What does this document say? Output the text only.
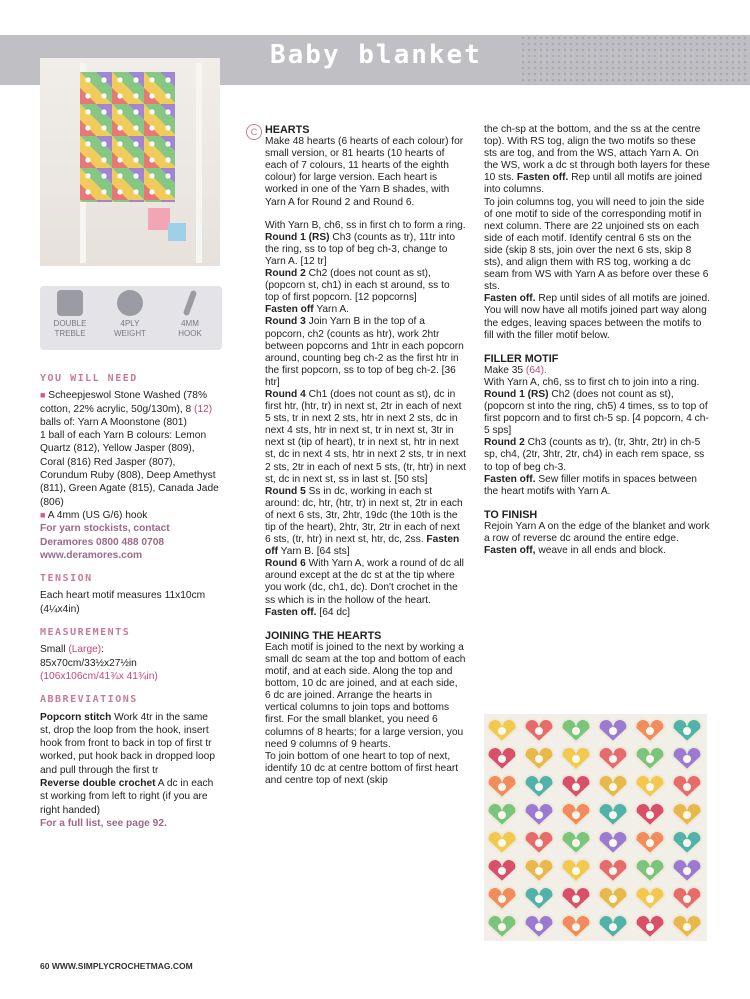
Baby blanket
DOUBLE
TREBLE
4PLY
WEIGHT
4MM
HOOK
YOU WILL NEED

■ Scheepjeswol Stone Washed (78% cotton, 22% acrylic, 50g/130m), 8 (12) balls of: Yarn A Moonstone (801)

1 ball of each Yarn B colours: Lemon Quartz (812), Yellow Jasper (809), Coral (816) Red Jasper (807), Corundum Ruby (808), Deep Amethyst (811), Green Agate (815), Canada Jade (806)

■ A 4mm (US G/6) hook

For yarn stockists, contact Deramores 0800 488 0708

www.deramores.com

TENSION

Each heart motif measures 11x10cm (4¼x4in)

MEASUREMENTS

Small (Large):

85x70cm/33½x27½in

(106x106cm/41¾x 41¾in)

ABBREVIATIONS

Popcorn stitch Work 4tr in the same st, drop the loop from the hook, insert hook from front to back in top of first tr worked, put hook back in dropped loop and pull through the first tr

Reverse double crochet A dc in each st working from left to right (if you are right handed)

For a full list, see page 92.

C HEARTS

Make 48 hearts (6 hearts of each colour) for small version, or 81 hearts (10 hearts of each of 7 colours, 11 hearts of the eighth colour) for large version. Each heart is worked in one of the Yarn B shades, with Yarn A for Round 2 and Round 6.

With Yarn B, ch6, ss in first ch to form a ring.

Round 1 (RS) Ch3 (counts as tr), 11tr into the ring, ss to top of beg ch-3, change to Yarn A. [12 tr]

Round 2 Ch2 (does not count as st), (popcorn st, ch1) in each st around, ss to top of first popcorn. [12 popcorns]

Fasten off Yarn A.

Round 3 Join Yarn B in the top of a popcorn, ch2 (counts as htr), work 2htr between popcorns and 1htr in each popcorn around, counting beg ch-2 as the first htr in the first popcorn, ss to top of beg ch-2. [36 htr]

Round 4 Ch1 (does not count as st), dc in first htr, (htr, tr) in next st, 2tr in each of next 5 sts, tr in next 2 sts, htr in next 2 sts, dc in next 4 sts, htr in next st, tr in next st, 3tr in next st (tip of heart), tr in next st, htr in next st, dc in next 4 sts, htr in next 2 sts, tr in next 2 sts, 2tr in each of next 5 sts, (tr, htr) in next st, dc in next st, ss in last st. [50 sts]

Round 5 Ss in dc, working in each st around: dc, htr, (htr, tr) in next st, 2tr in each of next 6 sts, 3tr, 2htr, 19dc (the 10th is the tip of the heart), 2htr, 3tr, 2tr in each of next 6 sts, (tr, htr) in next st, htr, dc, 2ss. Fasten off Yarn B. [64 sts]

Round 6 With Yarn A, work a round of dc all around except at the dc st at the tip where you work (dc, ch1, dc). Don't crochet in the ss which is in the hollow of the heart. Fasten off. [64 dc]

JOINING THE HEARTS

Each motif is joined to the next by working a small dc seam at the top and bottom of each motif, and at each side. Along the top and bottom, 10 dc are joined, and at each side, 6 dc are joined. Arrange the hearts in vertical columns to join tops and bottoms first. For the small blanket, you need 6 columns of 8 hearts; for a large version, you need 9 columns of 9 hearts.

To join bottom of one heart to top of next, identify 10 dc at centre bottom of first heart and centre top of next (skip

the ch-sp at the bottom, and the ss at the centre top). With RS tog, align the two motifs so these sts are tog, and from the WS, attach Yarn A. On the WS, work a dc st through both layers for these 10 sts. Fasten off. Rep until all motifs are joined into columns.

To join columns tog, you will need to join the side of one motif to side of the corresponding motif in next column. There are 22 unjoined sts on each side of each motif. Identify central 6 sts on the side (skip 8 sts, join over the next 6 sts, skip 8 sts), and align them with RS tog, working a dc seam from WS with Yarn A as before over these 6 sts.

Fasten off. Rep until sides of all motifs are joined. You will now have all motifs joined part way along the edges, leaving spaces between the motifs to fill with the filler motif below.

FILLER MOTIF

Make 35 (64).

With Yarn A, ch6, ss to first ch to join into a ring.

Round 1 (RS) Ch2 (does not count as st), (popcorn st into the ring, ch5) 4 times, ss to top of first popcorn and to first ch-5 sp. [4 popcorn, 4 ch-5 sps]

Round 2 Ch3 (counts as tr), (tr, 3htr, 2tr) in ch-5 sp, ch4, (2tr, 3htr, 2tr, ch4) in each rem space, ss to top of beg ch-3.

Fasten off. Sew filler motifs in spaces between the heart motifs with Yarn A.

TO FINISH

Rejoin Yarn A on the edge of the blanket and work a row of reverse dc around the entire edge.

Fasten off, weave in all ends and block.

60 WWW.SIMPLYCROCHETMAG.COM
